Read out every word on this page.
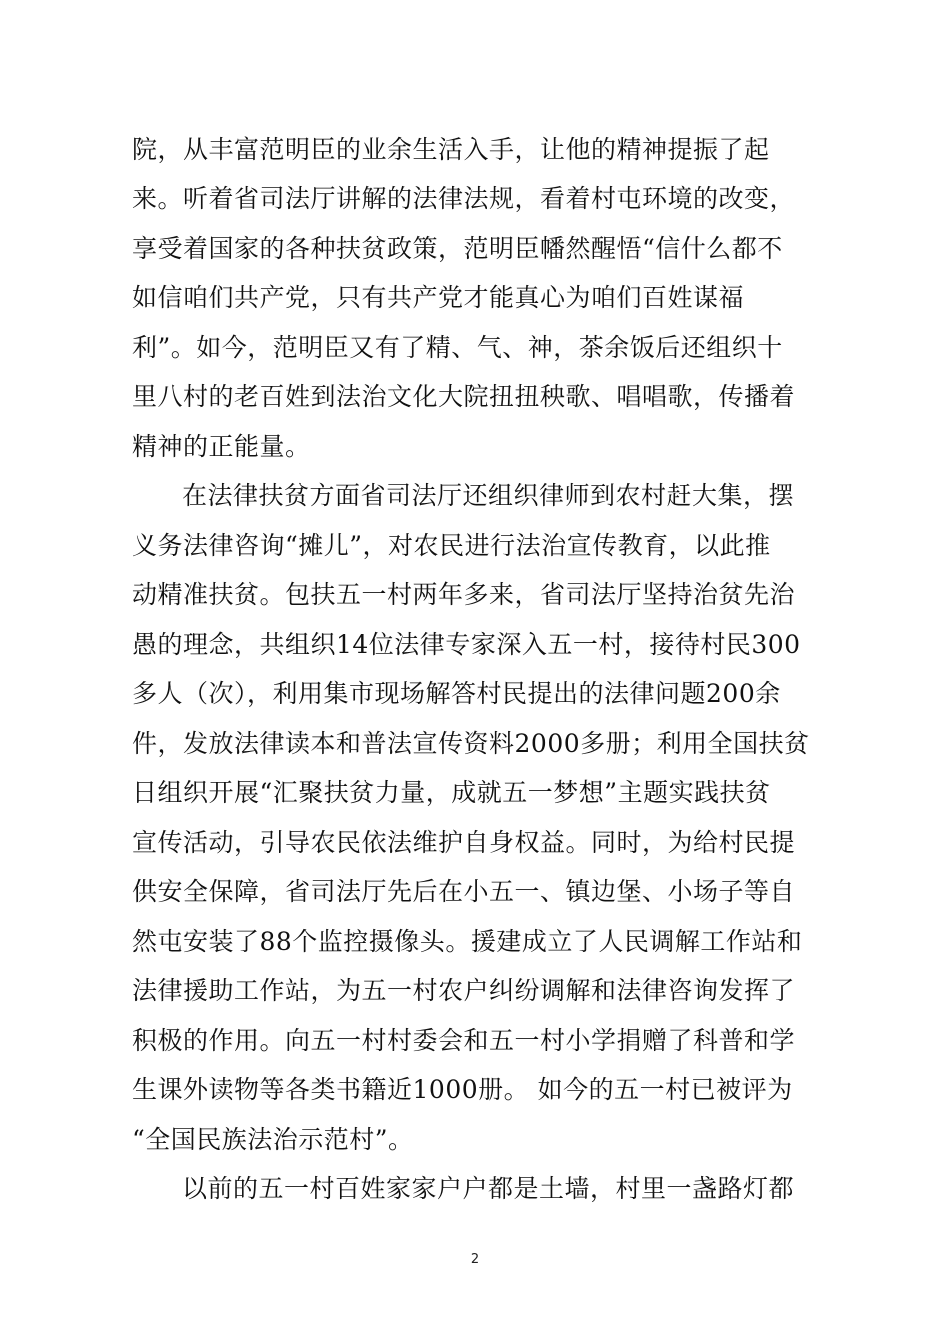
院，从丰富范明臣的业余生活入手，让他的精神提振了起
来。听着省司法厅讲解的法律法规，看着村屯环境的改变，
享受着国家的各种扶贫政策，范明臣幡然醒悟“信什么都不
如信咱们共产党，只有共产党才能真心为咱们百姓谋福
利”。如今，范明臣又有了精、气、神，茶余饭后还组织十
里八村的老百姓到法治文化大院扭扭秧歌、唱唱歌，传播着
精神的正能量。
在法律扶贫方面省司法厅还组织律师到农村赶大集，摆
义务法律咨询“摊儿”，对农民进行法治宣传教育，以此推
动精准扶贫。包扶五一村两年多来，省司法厅坚持治贫先治
愚的理念，共组织14位法律专家深入五一村，接待村民300
多人（次），利用集市现场解答村民提出的法律问题200余
件，发放法律读本和普法宣传资料2000多册；利用全国扶贫
日组织开展“汇聚扶贫力量，成就五一梦想”主题实践扶贫
宣传活动，引导农民依法维护自身权益。同时，为给村民提
供安全保障，省司法厅先后在小五一、镇边堡、小场子等自
然屯安装了88个监控摄像头。援建成立了人民调解工作站和
法律援助工作站，为五一村农户纠纷调解和法律咨询发挥了
积极的作用。向五一村村委会和五一村小学捐赠了科普和学
生课外读物等各类书籍近1000册。 如今的五一村已被评为
“全国民族法治示范村”。
以前的五一村百姓家家户户都是土墙，村里一盏路灯都
2
